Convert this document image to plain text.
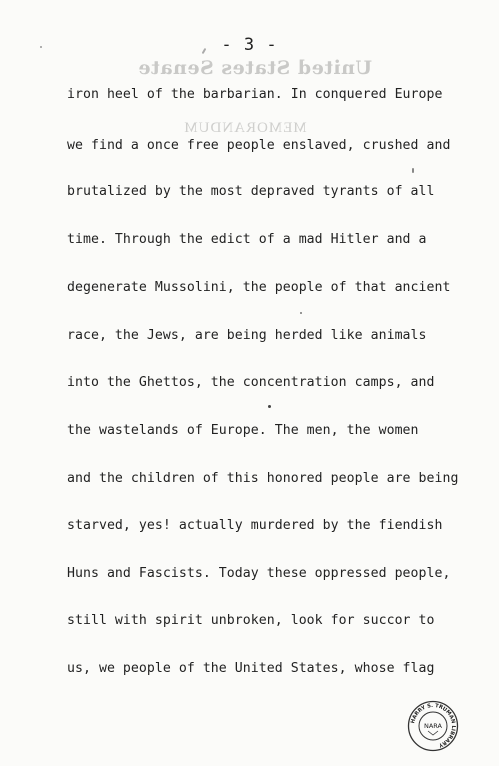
- 3 -
United States Senate
MEMORANDUM
iron heel of the barbarian. In conquered Europe
we find a once free people enslaved, crushed and
brutalized by the most depraved tyrants of all
time. Through the edict of a mad Hitler and a
degenerate Mussolini, the people of that ancient
race, the Jews, are being herded like animals
into the Ghettos, the concentration camps, and
the wastelands of Europe. The men, the women
and the children of this honored people are being
starved, yes! actually murdered by the fiendish
Huns and Fascists. Today these oppressed people,
still with spirit unbroken, look for succor to
us, we people of the United States, whose flag
HARRY S. TRUMAN LIBRARY
NARA
